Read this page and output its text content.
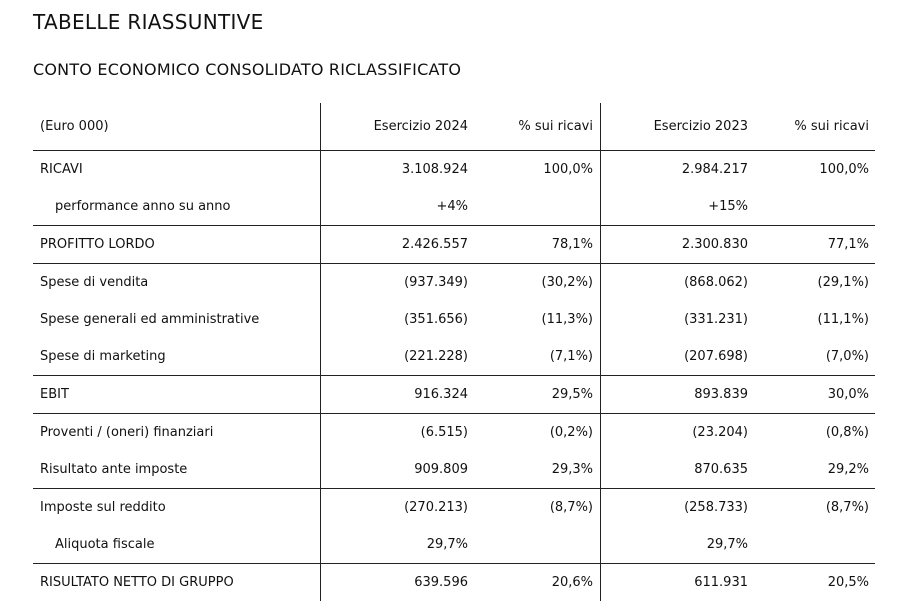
TABELLE RIASSUNTIVE
CONTO ECONOMICO CONSOLIDATO RICLASSIFICATO
(Euro 000)	Esercizio 2024	% sui ricavi	Esercizio 2023	% sui ricavi
RICAVI	3.108.924	100,0%	2.984.217	100,0%
performance anno su anno	+4%		+15%	
PROFITTO LORDO	2.426.557	78,1%	2.300.830	77,1%
Spese di vendita	(937.349)	(30,2%)	(868.062)	(29,1%)
Spese generali ed amministrative	(351.656)	(11,3%)	(331.231)	(11,1%)
Spese di marketing	(221.228)	(7,1%)	(207.698)	(7,0%)
EBIT	916.324	29,5%	893.839	30,0%
Proventi / (oneri) finanziari	(6.515)	(0,2%)	(23.204)	(0,8%)
Risultato ante imposte	909.809	29,3%	870.635	29,2%
Imposte sul reddito	(270.213)	(8,7%)	(258.733)	(8,7%)
Aliquota fiscale	29,7%		29,7%	
RISULTATO NETTO DI GRUPPO	639.596	20,6%	611.931	20,5%
